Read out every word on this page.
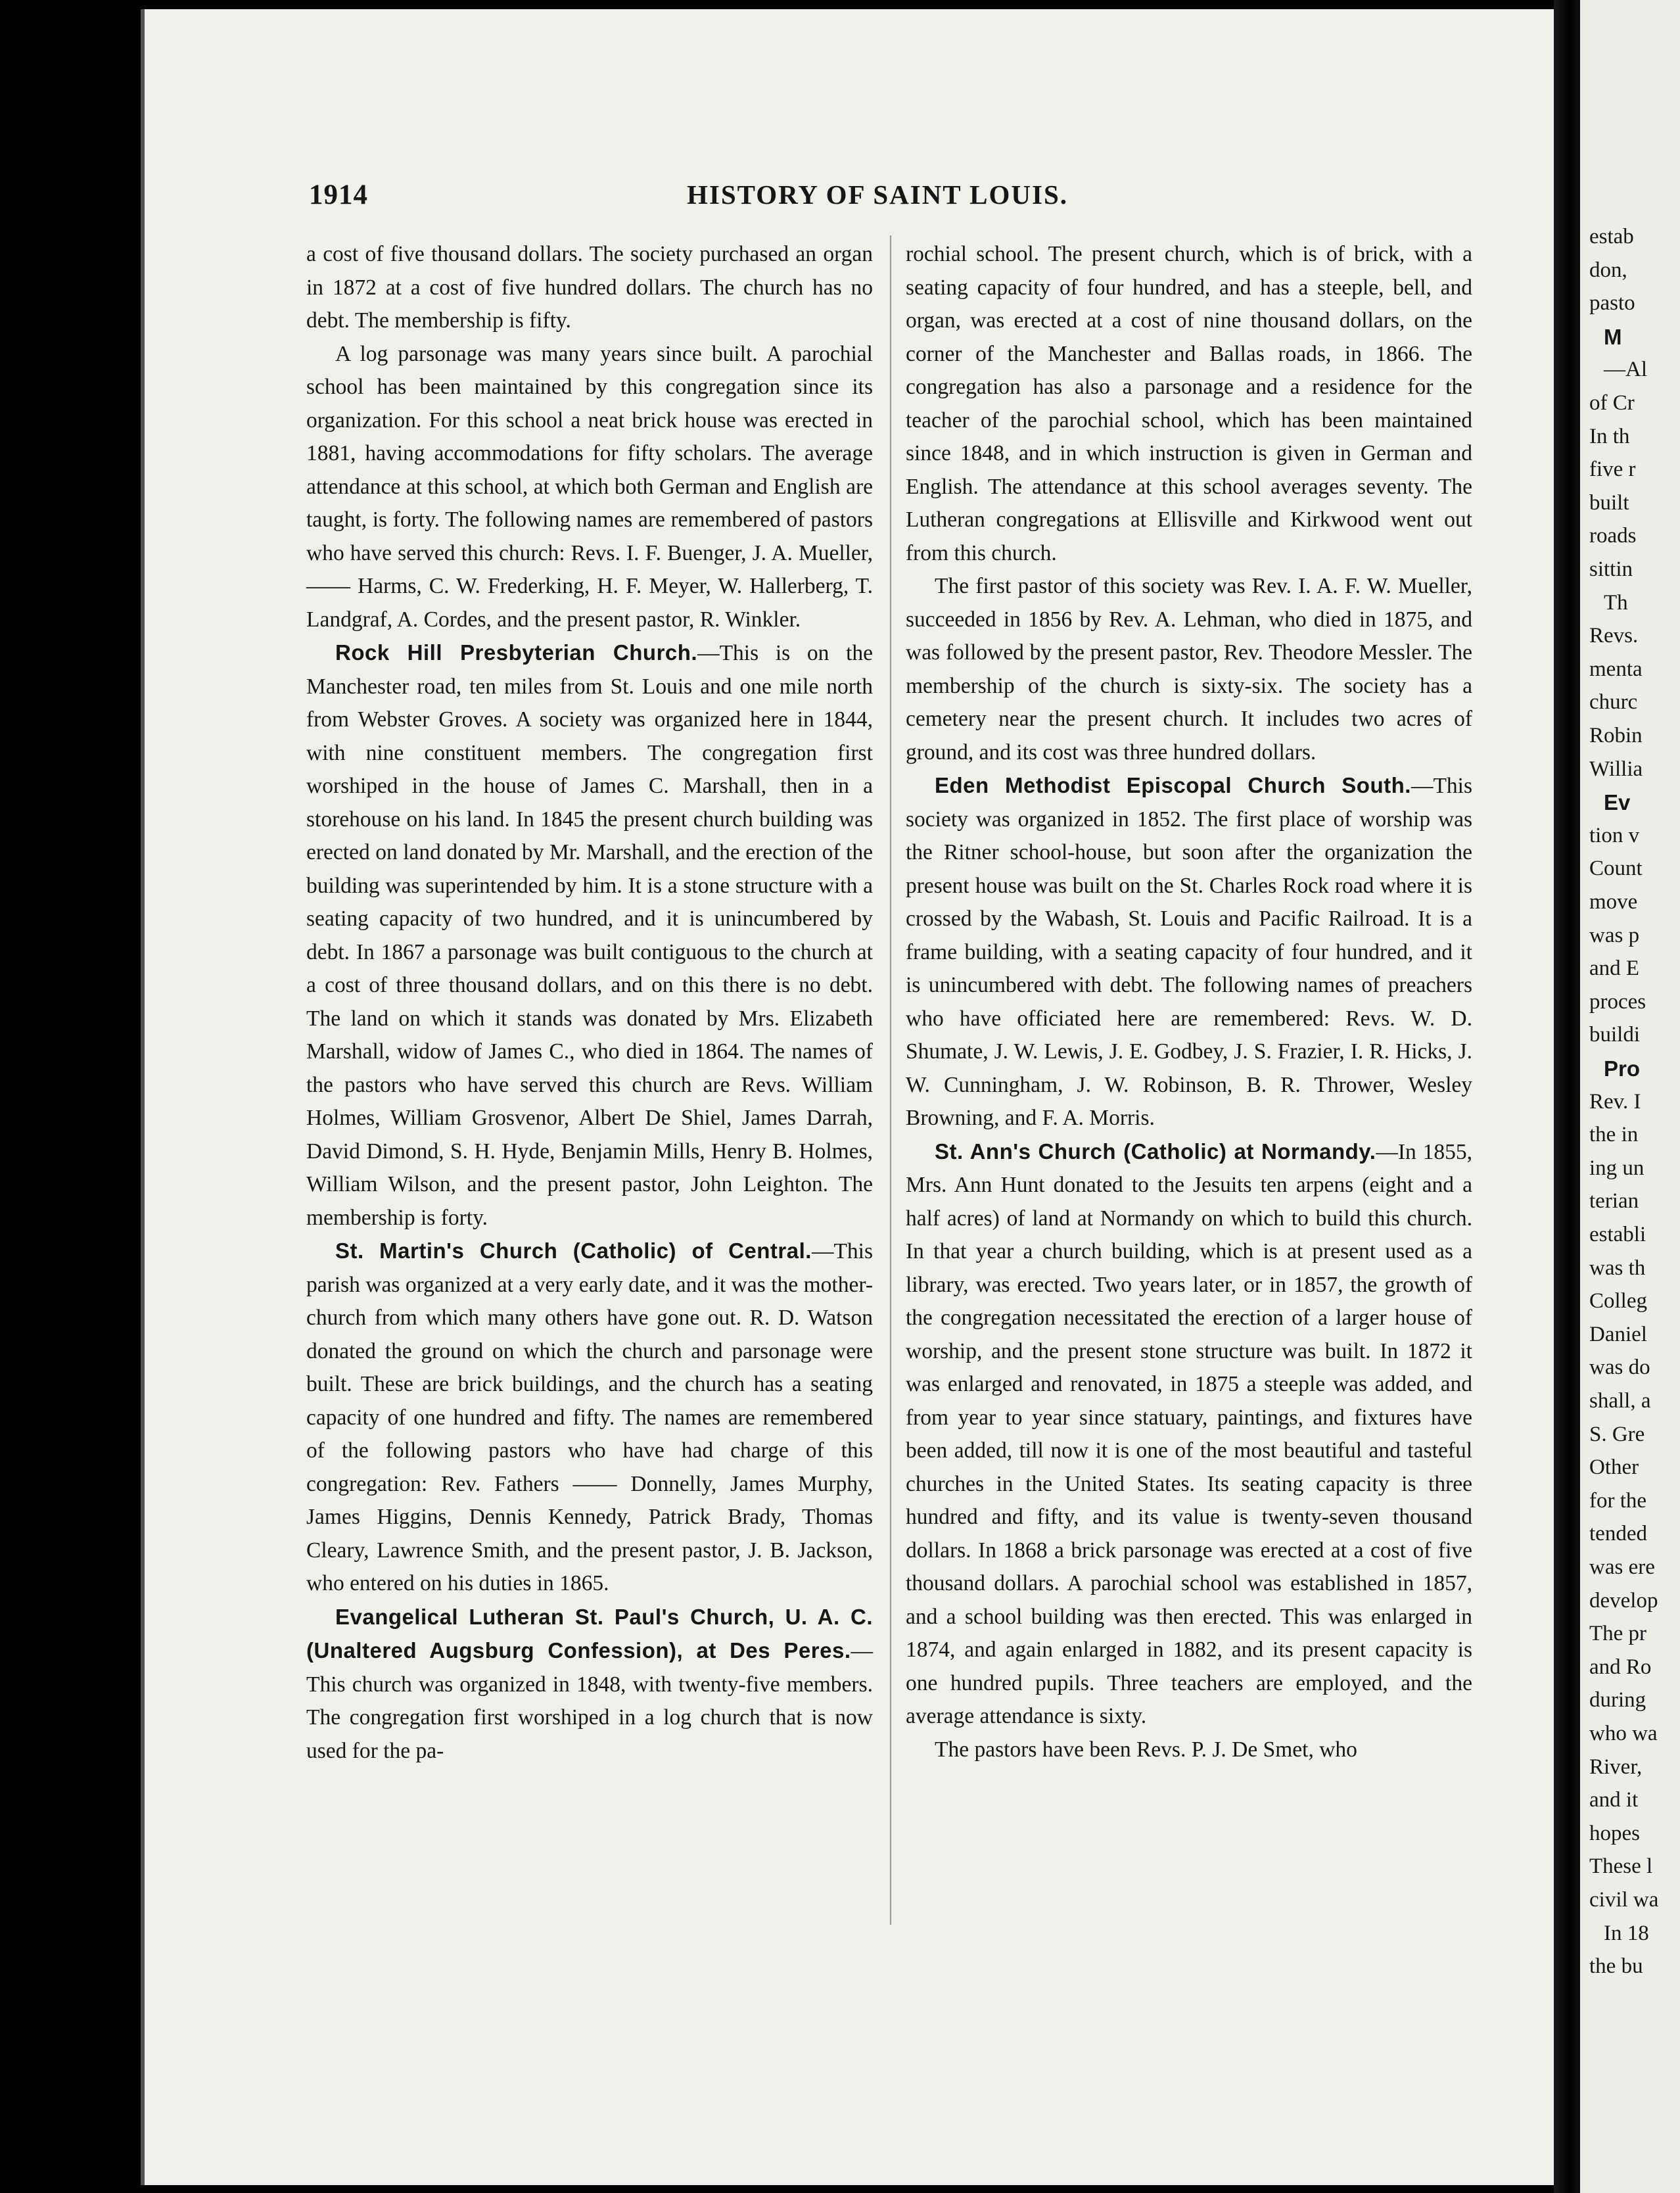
1914	HISTORY OF SAINT LOUIS.

a cost of five thousand dollars. The society purchased an organ in 1872 at a cost of five hundred dollars. The church has no debt. The membership is fifty.

A log parsonage was many years since built. A parochial school has been maintained by this congregation since its organization. For this school a neat brick house was erected in 1881, having accommodations for fifty scholars. The average attendance at this school, at which both German and English are taught, is forty. The following names are remembered of pastors who have served this church: Revs. I. F. Buenger, J. A. Mueller, —— Harms, C. W. Frederking, H. F. Meyer, W. Hallerberg, T. Landgraf, A. Cordes, and the present pastor, R. Winkler.

Rock Hill Presbyterian Church.—This is on the Manchester road, ten miles from St. Louis and one mile north from Webster Groves. A society was organized here in 1844, with nine constituent members. The congregation first worshiped in the house of James C. Marshall, then in a storehouse on his land. In 1845 the present church building was erected on land donated by Mr. Marshall, and the erection of the building was superintended by him. It is a stone structure with a seating capacity of two hundred, and it is unincumbered by debt. In 1867 a parsonage was built contiguous to the church at a cost of three thousand dollars, and on this there is no debt. The land on which it stands was donated by Mrs. Elizabeth Marshall, widow of James C., who died in 1864. The names of the pastors who have served this church are Revs. William Holmes, William Grosvenor, Albert De Shiel, James Darrah, David Dimond, S. H. Hyde, Benjamin Mills, Henry B. Holmes, William Wilson, and the present pastor, John Leighton. The membership is forty.

St. Martin's Church (Catholic) of Central.—This parish was organized at a very early date, and it was the mother-church from which many others have gone out. R. D. Watson donated the ground on which the church and parsonage were built. These are brick buildings, and the church has a seating capacity of one hundred and fifty. The names are remembered of the following pastors who have had charge of this congregation: Rev. Fathers —— Donnelly, James Murphy, James Higgins, Dennis Kennedy, Patrick Brady, Thomas Cleary, Lawrence Smith, and the present pastor, J. B. Jackson, who entered on his duties in 1865.

Evangelical Lutheran St. Paul's Church, U. A. C. (Unaltered Augsburg Confession), at Des Peres.—This church was organized in 1848, with twenty-five members. The congregation first worshiped in a log church that is now used for the pa-

rochial school. The present church, which is of brick, with a seating capacity of four hundred, and has a steeple, bell, and organ, was erected at a cost of nine thousand dollars, on the corner of the Manchester and Ballas roads, in 1866. The congregation has also a parsonage and a residence for the teacher of the parochial school, which has been maintained since 1848, and in which instruction is given in German and English. The attendance at this school averages seventy. The Lutheran congregations at Ellisville and Kirkwood went out from this church.

The first pastor of this society was Rev. I. A. F. W. Mueller, succeeded in 1856 by Rev. A. Lehman, who died in 1875, and was followed by the present pastor, Rev. Theodore Messler. The membership of the church is sixty-six. The society has a cemetery near the present church. It includes two acres of ground, and its cost was three hundred dollars.

Eden Methodist Episcopal Church South.—This society was organized in 1852. The first place of worship was the Ritner school-house, but soon after the organization the present house was built on the St. Charles Rock road where it is crossed by the Wabash, St. Louis and Pacific Railroad. It is a frame building, with a seating capacity of four hundred, and it is unincumbered with debt. The following names of preachers who have officiated here are remembered: Revs. W. D. Shumate, J. W. Lewis, J. E. Godbey, J. S. Frazier, I. R. Hicks, J. W. Cunningham, J. W. Robinson, B. R. Thrower, Wesley Browning, and F. A. Morris.

St. Ann's Church (Catholic) at Normandy.—In 1855, Mrs. Ann Hunt donated to the Jesuits ten arpens (eight and a half acres) of land at Normandy on which to build this church. In that year a church building, which is at present used as a library, was erected. Two years later, or in 1857, the growth of the congregation necessitated the erection of a larger house of worship, and the present stone structure was built. In 1872 it was enlarged and renovated, in 1875 a steeple was added, and from year to year since statuary, paintings, and fixtures have been added, till now it is one of the most beautiful and tasteful churches in the United States. Its seating capacity is three hundred and fifty, and its value is twenty-seven thousand dollars. In 1868 a brick parsonage was erected at a cost of five thousand dollars. A parochial school was established in 1857, and a school building was then erected. This was enlarged in 1874, and again enlarged in 1882, and its present capacity is one hundred pupils. Three teachers are employed, and the average attendance is sixty.

The pastors have been Revs. P. J. De Smet, who

estab
don,
pasto
M
—Al
of Cr
In th
five r
built
roads
sittin
Th
Revs.
menta
churc
Robin
Willia
Ev
tion v
Count
move
was p
and E
proces
buildi
Pro
Rev. I
the in
ing un
terian
establi
was th
Colleg
Daniel
was do
shall, a
S. Gre
Other
for the
tended
was ere
develop
The pr
and Ro
during
who wa
River,
and it
hopes
These l
civil wa
In 18
the bu
